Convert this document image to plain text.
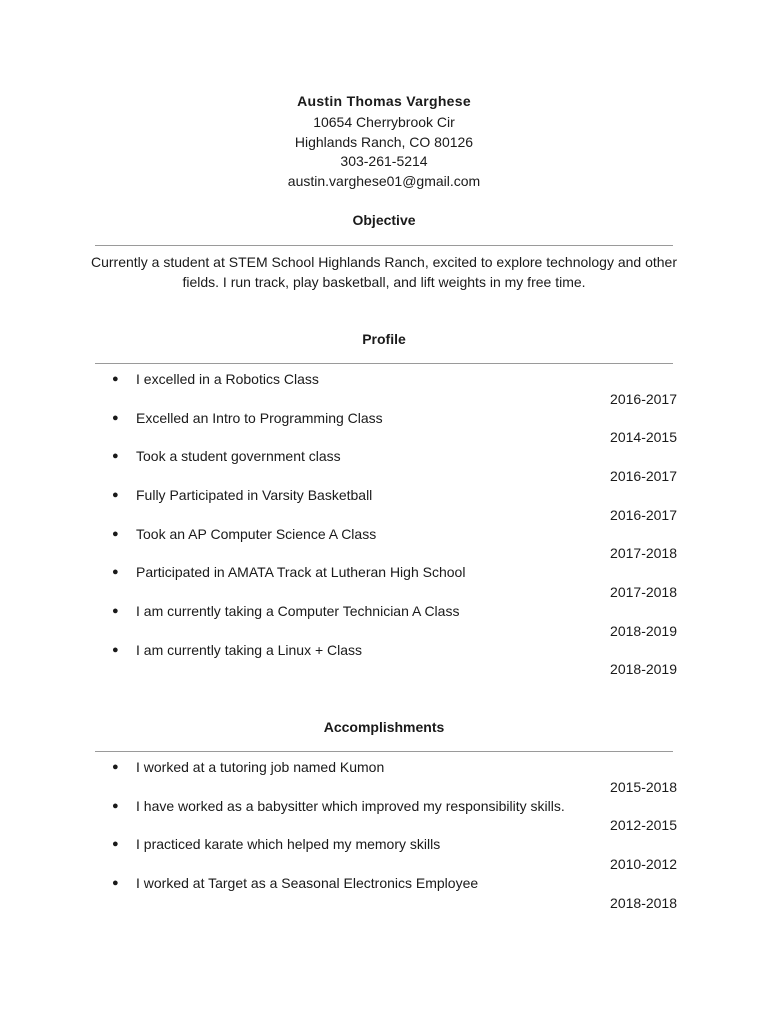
Austin Thomas Varghese
10654 Cherrybrook Cir
Highlands Ranch, CO 80126
303-261-5214
austin.varghese01@gmail.com
Objective
Currently a student at STEM School Highlands Ranch, excited to explore technology and other fields. I run track, play basketball, and lift weights in my free time.
Profile
● I excelled in a Robotics Class
2016-2017
● Excelled an Intro to Programming Class
2014-2015
● Took a student government class
2016-2017
● Fully Participated in Varsity Basketball
2016-2017
● Took an AP Computer Science A Class
2017-2018
● Participated in AMATA Track at Lutheran High School
2017-2018
● I am currently taking a Computer Technician A Class
2018-2019
● I am currently taking a Linux + Class
2018-2019
Accomplishments
● I worked at a tutoring job named Kumon
2015-2018
● I have worked as a babysitter which improved my responsibility skills.
2012-2015
● I practiced karate which helped my memory skills
2010-2012
● I worked at Target as a Seasonal Electronics Employee
2018-2018
